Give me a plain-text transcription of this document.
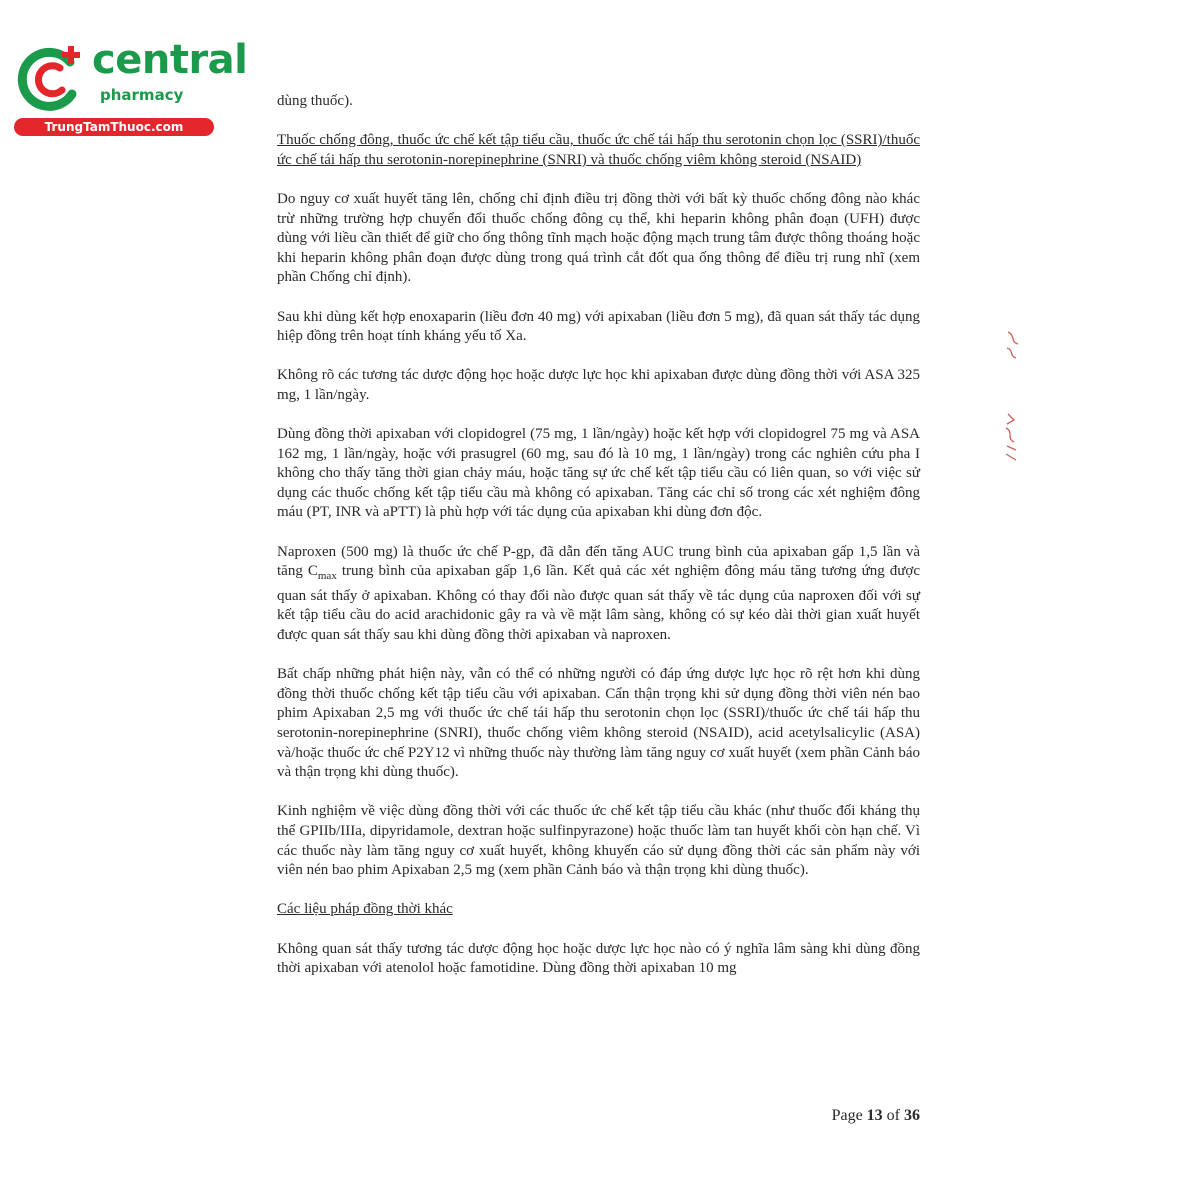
central
pharmacy
TrungTamThuoc.com

dùng thuốc).

Thuốc chống đông, thuốc ức chế kết tập tiểu cầu, thuốc ức chế tái hấp thu serotonin chọn lọc (SSRI)/thuốc ức chế tái hấp thu serotonin-norepinephrine (SNRI) và thuốc chống viêm không steroid (NSAID)

Do nguy cơ xuất huyết tăng lên, chống chỉ định điều trị đồng thời với bất kỳ thuốc chống đông nào khác trừ những trường hợp chuyển đổi thuốc chống đông cụ thể, khi heparin không phân đoạn (UFH) được dùng với liều cần thiết để giữ cho ống thông tĩnh mạch hoặc động mạch trung tâm được thông thoáng hoặc khi heparin không phân đoạn được dùng trong quá trình cắt đốt qua ống thông để điều trị rung nhĩ (xem phần Chống chỉ định).

Sau khi dùng kết hợp enoxaparin (liều đơn 40 mg) với apixaban (liều đơn 5 mg), đã quan sát thấy tác dụng hiệp đồng trên hoạt tính kháng yếu tố Xa.

Không rõ các tương tác dược động học hoặc dược lực học khi apixaban được dùng đồng thời với ASA 325 mg, 1 lần/ngày.

Dùng đồng thời apixaban với clopidogrel (75 mg, 1 lần/ngày) hoặc kết hợp với clopidogrel 75 mg và ASA 162 mg, 1 lần/ngày, hoặc với prasugrel (60 mg, sau đó là 10 mg, 1 lần/ngày) trong các nghiên cứu pha I không cho thấy tăng thời gian chảy máu, hoặc tăng sự ức chế kết tập tiểu cầu có liên quan, so với việc sử dụng các thuốc chống kết tập tiểu cầu mà không có apixaban. Tăng các chỉ số trong các xét nghiệm đông máu (PT, INR và aPTT) là phù hợp với tác dụng của apixaban khi dùng đơn độc.

Naproxen (500 mg) là thuốc ức chế P-gp, đã dẫn đến tăng AUC trung bình của apixaban gấp 1,5 lần và tăng $C_{max}$ trung bình của apixaban gấp 1,6 lần. Kết quả các xét nghiệm đông máu tăng tương ứng được quan sát thấy ở apixaban. Không có thay đổi nào được quan sát thấy về tác dụng của naproxen đối với sự kết tập tiểu cầu do acid arachidonic gây ra và về mặt lâm sàng, không có sự kéo dài thời gian xuất huyết được quan sát thấy sau khi dùng đồng thời apixaban và naproxen.

Bất chấp những phát hiện này, vẫn có thể có những người có đáp ứng dược lực học rõ rệt hơn khi dùng đồng thời thuốc chống kết tập tiểu cầu với apixaban. Cẩn thận trọng khi sử dụng đồng thời viên nén bao phim Apixaban 2,5 mg với thuốc ức chế tái hấp thu serotonin chọn lọc (SSRI)/thuốc ức chế tái hấp thu serotonin-norepinephrine (SNRI), thuốc chống viêm không steroid (NSAID), acid acetylsalicylic (ASA) và/hoặc thuốc ức chế P2Y12 vì những thuốc này thường làm tăng nguy cơ xuất huyết (xem phần Cảnh báo và thận trọng khi dùng thuốc).

Kinh nghiệm về việc dùng đồng thời với các thuốc ức chế kết tập tiểu cầu khác (như thuốc đối kháng thụ thể GPIIb/IIIa, dipyridamole, dextran hoặc sulfinpyrazone) hoặc thuốc làm tan huyết khối còn hạn chế. Vì các thuốc này làm tăng nguy cơ xuất huyết, không khuyến cáo sử dụng đồng thời các sản phẩm này với viên nén bao phim Apixaban 2,5 mg (xem phần Cảnh báo và thận trọng khi dùng thuốc).

Các liệu pháp đồng thời khác

Không quan sát thấy tương tác dược động học hoặc dược lực học nào có ý nghĩa lâm sàng khi dùng đồng thời apixaban với atenolol hoặc famotidine. Dùng đồng thời apixaban 10 mg

Page 13 of 36
